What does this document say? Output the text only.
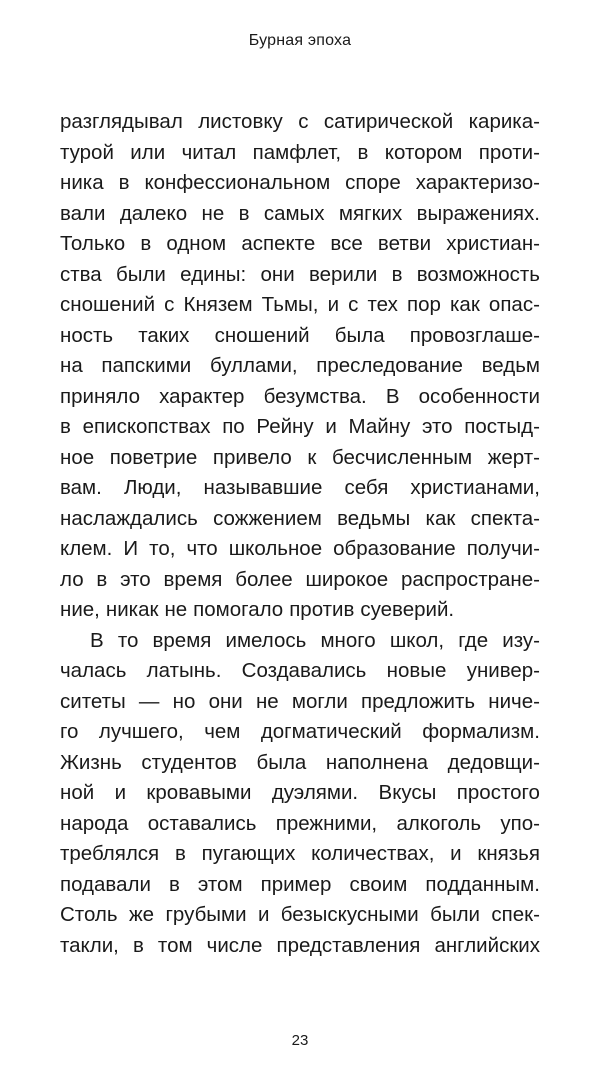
Бурная эпоха
разглядывал листовку с сатирической карика-
турой или читал памфлет, в котором проти-
ника в конфессиональном споре характеризо-
вали далеко не в самых мягких выражениях.
Только в одном аспекте все ветви христиан-
ства были едины: они верили в возможность
сношений с Князем Тьмы, и с тех пор как опас-
ность таких сношений была провозглаше-
на папскими буллами, преследование ведьм
приняло характер безумства. В особенности
в епископствах по Рейну и Майну это постыд-
ное поветрие привело к бесчисленным жерт-
вам. Люди, называвшие себя христианами,
наслаждались сожжением ведьмы как спекта-
клем. И то, что школьное образование получи-
ло в это время более широкое распростране-
ние, никак не помогало против суеверий.
В то время имелось много школ, где изу-
чалась латынь. Создавались новые универ-
ситеты — но они не могли предложить ниче-
го лучшего, чем догматический формализм.
Жизнь студентов была наполнена дедовщи-
ной и кровавыми дуэлями. Вкусы простого
народа оставались прежними, алкоголь упо-
треблялся в пугающих количествах, и князья
подавали в этом пример своим подданным.
Столь же грубыми и безыскусными были спек-
такли, в том числе представления английских
23
